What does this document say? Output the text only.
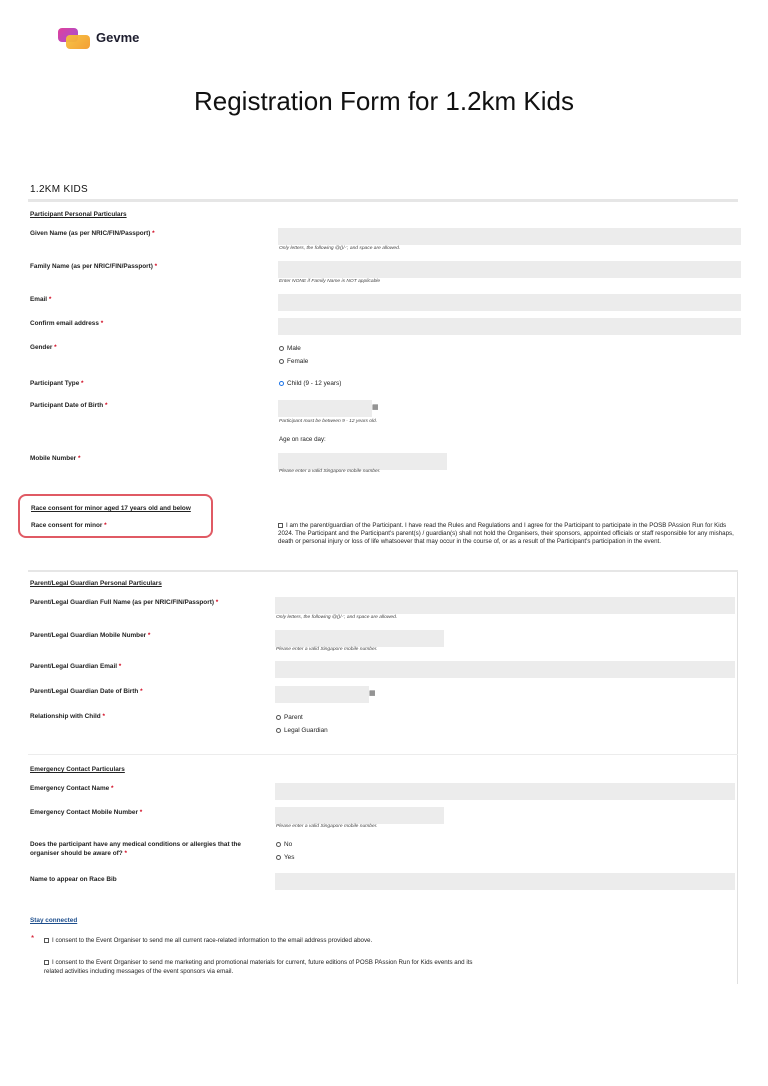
Gevme
Registration Form for 1.2km Kids
1.2KM KIDS
Participant Personal Particulars
Given Name (as per NRIC/FIN/Passport) *
Only letters, the following @()/-', and space are allowed.
Family Name (as per NRIC/FIN/Passport) *
Enter NONE if Family Name is NOT applicable
Email *
Confirm email address *
Gender *	Male
Female
Participant Type *	Child (9 - 12 years)
Participant Date of Birth *	▦
Participant must be between 9 - 12 years old.
Age on race day:
Mobile Number *
Please enter a valid Singapore mobile number.
Race consent for minor aged 17 years old and below
Race consent for minor *	I am the parent/guardian of the Participant. I have read the Rules and Regulations and I agree for the Participant to participate in the POSB PAssion Run for Kids 2024. The Participant and the Participant's parent(s) / guardian(s) shall not hold the Organisers, their sponsors, appointed officials or staff responsible for any mishaps, death or personal injury or loss of life whatsoever that may occur in the course of, or as a result of the Participant's participation in the event.
Parent/Legal Guardian Personal Particulars
Parent/Legal Guardian Full Name (as per NRIC/FIN/Passport) *
Only letters, the following @()/-', and space are allowed.
Parent/Legal Guardian Mobile Number *
Please enter a valid Singapore mobile number.
Parent/Legal Guardian Email *
Parent/Legal Guardian Date of Birth *	▦
Relationship with Child *	Parent
Legal Guardian
Emergency Contact Particulars
Emergency Contact Name *
Emergency Contact Mobile Number *
Please enter a valid Singapore mobile number.
Does the participant have any medical conditions or allergies that the
organiser should be aware of? *
No
Yes
Name to appear on Race Bib
Stay connected
*	I consent to the Event Organiser to send me all current race-related information to the email address provided above.
I consent to the Event Organiser to send me marketing and promotional materials for current, future editions of POSB PAssion Run for Kids events and its
related activities including messages of the event sponsors via email.
